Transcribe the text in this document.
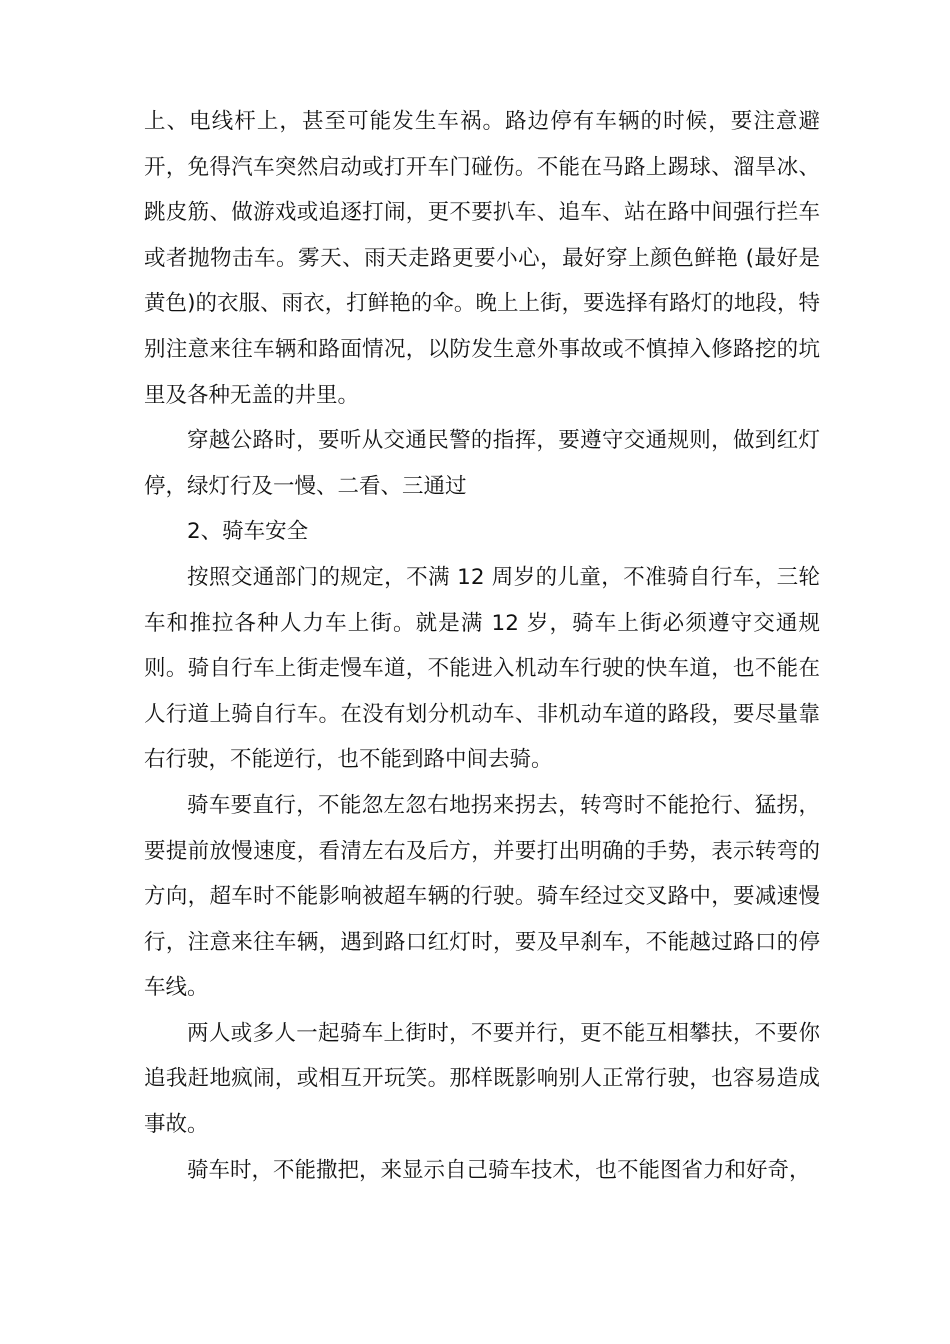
上、电线杆上，甚至可能发生车祸。路边停有车辆的时候，要注意避开，免得汽车突然启动或打开车门碰伤。不能在马路上踢球、溜旱冰、跳皮筋、做游戏或追逐打闹，更不要扒车、追车、站在路中间强行拦车或者抛物击车。雾天、雨天走路更要小心，最好穿上颜色鲜艳 (最好是黄色)的衣服、雨衣，打鲜艳的伞。晚上上街，要选择有路灯的地段，特别注意来往车辆和路面情况，以防发生意外事故或不慎掉入修路挖的坑里及各种无盖的井里。

穿越公路时，要听从交通民警的指挥，要遵守交通规则，做到红灯停，绿灯行及一慢、二看、三通过

2、骑车安全

按照交通部门的规定，不满 12 周岁的儿童，不准骑自行车，三轮车和推拉各种人力车上街。就是满 12 岁，骑车上街必须遵守交通规则。骑自行车上街走慢车道，不能进入机动车行驶的快车道，也不能在人行道上骑自行车。在没有划分机动车、非机动车道的路段，要尽量靠右行驶，不能逆行，也不能到路中间去骑。

骑车要直行，不能忽左忽右地拐来拐去，转弯时不能抢行、猛拐，要提前放慢速度，看清左右及后方，并要打出明确的手势，表示转弯的方向，超车时不能影响被超车辆的行驶。骑车经过交叉路中，要减速慢行，注意来往车辆，遇到路口红灯时，要及早刹车，不能越过路口的停车线。

两人或多人一起骑车上街时，不要并行，更不能互相攀扶，不要你追我赶地疯闹，或相互开玩笑。那样既影响别人正常行驶，也容易造成事故。

骑车时，不能撒把，来显示自己骑车技术，也不能图省力和好奇，
